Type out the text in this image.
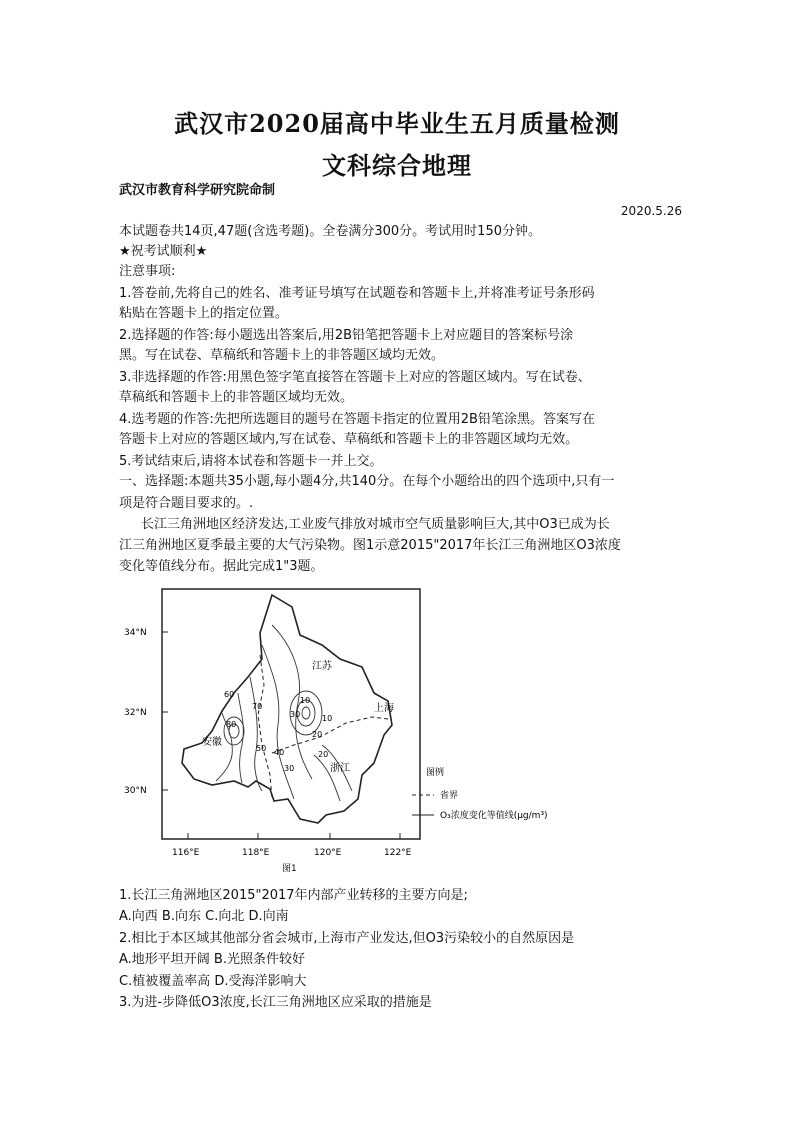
武汉市2020届高中毕业生五月质量检测
文科综合地理
武汉市教育科学研究院命制
2020.5.26
本试题卷共14页,47题(含选考题)。全卷满分300分。考试用时150分钟。
★祝考试顺利★
注意事项:
1.答卷前,先将自己的姓名、准考证号填写在试题卷和答题卡上,并将准考证号条形码
粘贴在答题卡上的指定位置。
2.选择题的作答:每小题选出答案后,用2B铅笔把答题卡上对应题目的答案标号涂
黑。写在试卷、草稿纸和答题卡上的非答题区域均无效。
3.非选择题的作答:用黑色签字笔直接答在答题卡上对应的答题区域内。写在试卷、
草稿纸和答题卡上的非答题区域均无效。
4.选考题的作答:先把所选题目的题号在答题卡指定的位置用2B铅笔涂黑。答案写在
答题卡上对应的答题区域内,写在试卷、草稿纸和答题卡上的非答题区域均无效。
5.考试结束后,请将本试卷和答题卡一并上交。
一、选择题:本题共35小题,每小题4分,共140分。在每个小题给出的四个选项中,只有一
项是符合题目要求的。.
长江三角洲地区经济发达,工业废气排放对城市空气质量影响巨大,其中O3已成为长
江三角洲地区夏季最主要的大气污染物。图1示意2015"2017年长江三角洲地区O3浓度
变化等值线分布。据此完成1"3题。
60
70
80
40
50
30
20
10
30
20
10
江苏
上海
安徽
浙江
34°N
32°N
30°N
116°E	118°E	120°E	122°E
图1
图例
省界
O₃浓度变化等值线(μg/m³)
1.长江三角洲地区2015"2017年内部产业转移的主要方向是;
A.向西 B.向东 C.向北 D.向南
2.相比于本区域其他部分省会城市,上海市产业发达,但O3污染较小的自然原因是
A.地形平坦开阔 B.光照条件较好
C.植被覆盖率高 D.受海洋影响大
3.为进-步降低O3浓度,长江三角洲地区应采取的措施是
